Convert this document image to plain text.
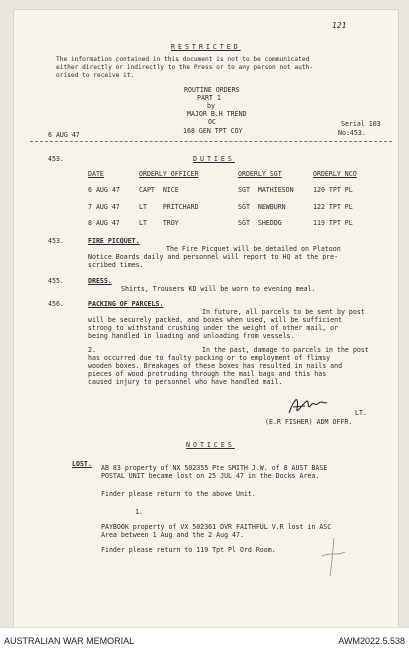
121
RESTRICTED
The information contained in this document is not to be communicated
either directly or indirectly to the Press or to any person not auth-
orised to receive it.
ROUTINE ORDERS
PART 1
by
MAJOR B.H TREND
OC
168 GEN TPT COY
6 AUG 47
Serial 103
No:453.
453.	DUTIES
DATE	ORDERLY OFFICER	ORDERLY SGT	ORDERLY NCO
6 AUG 47	CAPT  NICE	SGT  MATHIESON	120 TPT PL
7 AUG 47	LT    PRITCHARD	SGT  NEWBURN	122 TPT PL
8 AUG 47	LT    TROY	SGT  SHEDDG	119 TPT PL
453.	FIRE PICQUET.
The Fire Picquet will be detailed on Platoon
Notice Boards daily and personnel will report to HQ at the pre-
scribed times.
455.	DRESS.
Shirts, Trousers KD will be worn to evening meal.
456.	PACKING OF PARCELS.
In future, all parcels to be sent by post
will be securely packed, and boxes when used, will be sufficient
strong to withstand crushing under the weight of other mail, or
being handled in loading and unloading from vessels.
2.	In the past, damage to parcels in the post
has occurred due to faulty packing or to employment of flimsy
wooden boxes. Breakages of these boxes has resulted in nails and
pieces of wood protruding through the mail bags and this has
caused injury to personnel who have handled mail.
LT.
(E.R FISHER) ADM OFFR.
NOTICES
LOST. AB 83 property of NX 502355 Pte SMITH J.W. of 8 AUST BASE
POSTAL UNIT became lost on 25 JUL 47 in the Docks Area.
Finder please return to the above Unit.
1.
PAYBOOK property of VX 502361 DVR FAITHFUL V.R lost in ASC
Area between 1 Aug and the 2 Aug 47.
Finder please return to 119 Tpt Pl Ord Room.
AUSTRALIAN WAR MEMORIAL	AWM2022.5.538
